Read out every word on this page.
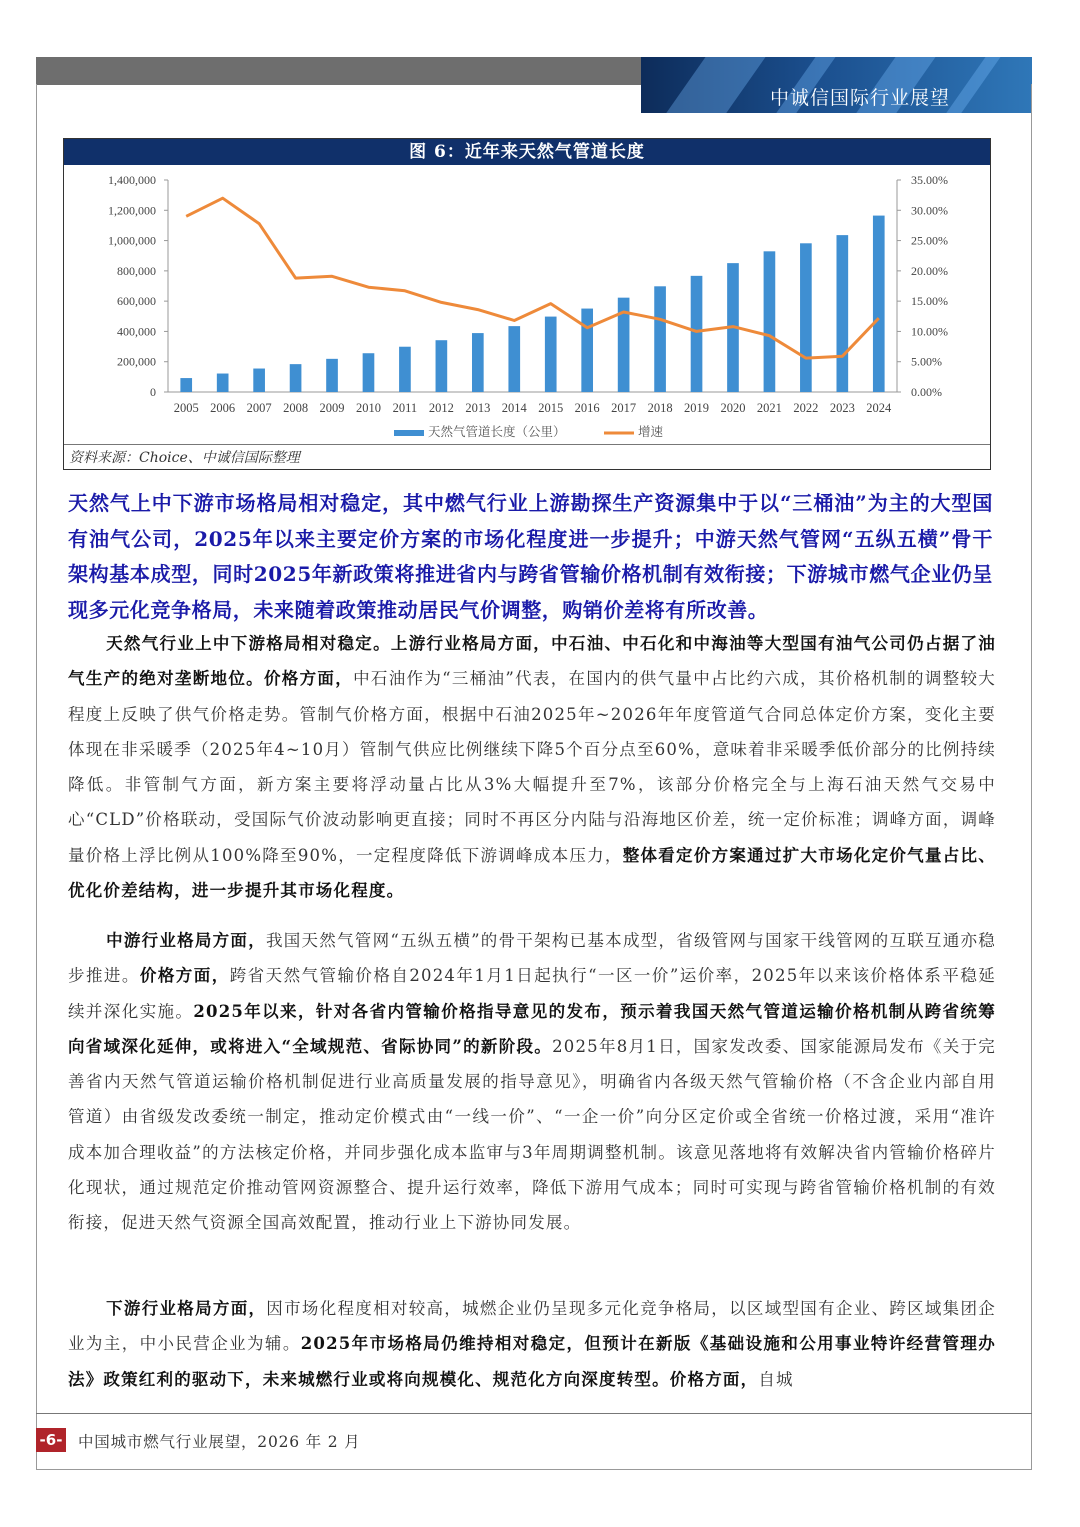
中诚信国际行业展望
图 6：近年来天然气管道长度
0
200,000
400,000
600,000
800,000
1,000,000
1,200,000
1,400,000
0.00%
5.00%
10.00%
15.00%
20.00%
25.00%
30.00%
35.00%
2005 2006 2007 2008 2009 2010 2011 2012 2013 2014 2015 2016 2017 2018 2019 2020 2021 2022 2023 2024
天然气管道长度（公里）	增速
资料来源：Choice、中诚信国际整理
天然气上中下游市场格局相对稳定，其中燃气行业上游勘探生产资源集中于以“三桶油”为主的大型国有油气公司，2025年以来主要定价方案的市场化程度进一步提升；中游天然气管网“五纵五横”骨干架构基本成型，同时2025年新政策将推进省内与跨省管输价格机制有效衔接；下游城市燃气企业仍呈现多元化竞争格局，未来随着政策推动居民气价调整，购销价差将有所改善。
天然气行业上中下游格局相对稳定。上游行业格局方面，中石油、中石化和中海油等大型国有油气公司仍占据了油气生产的绝对垄断地位。价格方面，中石油作为“三桶油”代表，在国内的供气量中占比约六成，其价格机制的调整较大程度上反映了供气价格走势。管制气价格方面，根据中石油2025年~2026年年度管道气合同总体定价方案，变化主要体现在非采暖季（2025年4~10月）管制气供应比例继续下降5个百分点至60%，意味着非采暖季低价部分的比例持续降低。非管制气方面，新方案主要将浮动量占比从3%大幅提升至7%，该部分价格完全与上海石油天然气交易中心“CLD”价格联动，受国际气价波动影响更直接；同时不再区分内陆与沿海地区价差，统一定价标准；调峰方面，调峰量价格上浮比例从100%降至90%，一定程度降低下游调峰成本压力，整体看定价方案通过扩大市场化定价气量占比、优化价差结构，进一步提升其市场化程度。
中游行业格局方面，我国天然气管网“五纵五横”的骨干架构已基本成型，省级管网与国家干线管网的互联互通亦稳步推进。价格方面，跨省天然气管输价格自2024年1月1日起执行“一区一价”运价率，2025年以来该价格体系平稳延续并深化实施。2025年以来，针对各省内管输价格指导意见的发布，预示着我国天然气管道运输价格机制从跨省统筹向省域深化延伸，或将进入“全域规范、省际协同”的新阶段。2025年8月1日，国家发改委、国家能源局发布《关于完善省内天然气管道运输价格机制促进行业高质量发展的指导意见》，明确省内各级天然气管输价格（不含企业内部自用管道）由省级发改委统一制定，推动定价模式由“一线一价”、“一企一价”向分区定价或全省统一价格过渡，采用“准许成本加合理收益”的方法核定价格，并同步强化成本监审与3年周期调整机制。该意见落地将有效解决省内管输价格碎片化现状，通过规范定价推动管网资源整合、提升运行效率，降低下游用气成本；同时可实现与跨省管输价格机制的有效衔接，促进天然气资源全国高效配置，推动行业上下游协同发展。
下游行业格局方面，因市场化程度相对较高，城燃企业仍呈现多元化竞争格局，以区域型国有企业、跨区域集团企业为主，中小民营企业为辅。2025年市场格局仍维持相对稳定，但预计在新版《基础设施和公用事业特许经营管理办法》政策红利的驱动下，未来城燃行业或将向规模化、规范化方向深度转型。价格方面，自城
-6- 中国城市燃气行业展望，2026 年 2 月
